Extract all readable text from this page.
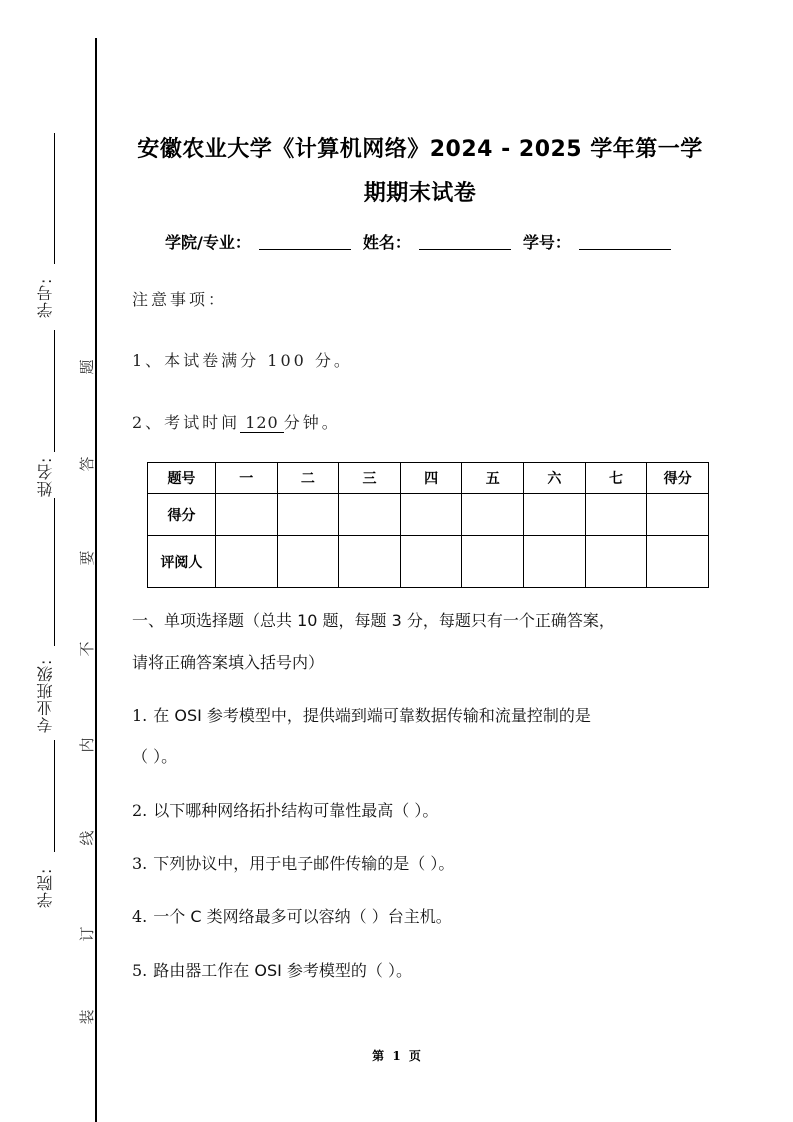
学号:
姓名:
专业班级:
学院:
题
答
要
不
内
线
订
装
安徽农业大学《计算机网络》2024 - 2025 学年第一学
期期末试卷
学院/专业：	姓名：	学号：
注意事项：
1、本试卷满分 100 分。
2、考试时间 120 分钟。
题号	一	二	三	四	五	六	七	得分
得分								
评阅人								
一、单项选择题（总共 10 题，每题 3 分，每题只有一个正确答案，
请将正确答案填入括号内）
1. 在 OSI 参考模型中，提供端到端可靠数据传输和流量控制的是
（ ）。
2. 以下哪种网络拓扑结构可靠性最高（ ）。
3. 下列协议中，用于电子邮件传输的是（ ）。
4. 一个 C 类网络最多可以容纳（ ）台主机。
5. 路由器工作在 OSI 参考模型的（ ）。
第 1 页
